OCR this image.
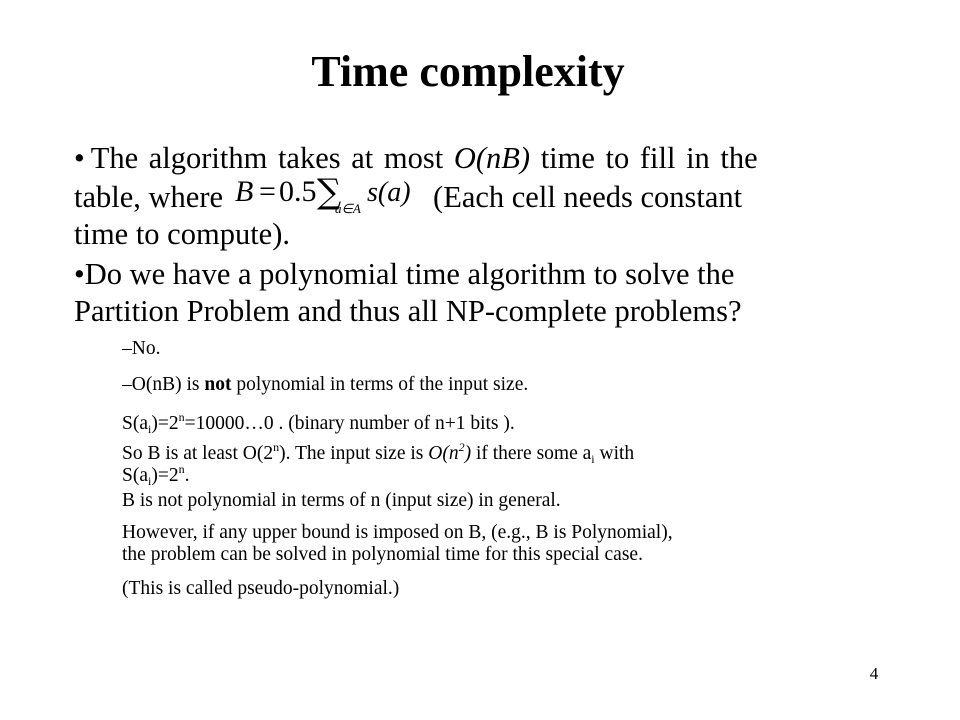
Time complexity
• The algorithm takes at most O(nB) time to fill in the
table, where B = 0.5 ∑
a∈A
s(a) (Each cell needs constant
time to compute).
•Do we have a polynomial time algorithm to solve the
Partition Problem and thus all NP-complete problems?
–No.
–O(nB) is not polynomial in terms of the input size.
$S(a_i)=2^n=10000\dots 0$ . (binary number of n+1 bits ).
So B is at least O(2$^n$). The input size is $O(n^2)$ if there some $a_i$ with
$S(a_i)=2^n$.
B is not polynomial in terms of n (input size) in general.
However, if any upper bound is imposed on B, (e.g., B is Polynomial),
the problem can be solved in polynomial time for this special case.
(This is called pseudo-polynomial.)
4
